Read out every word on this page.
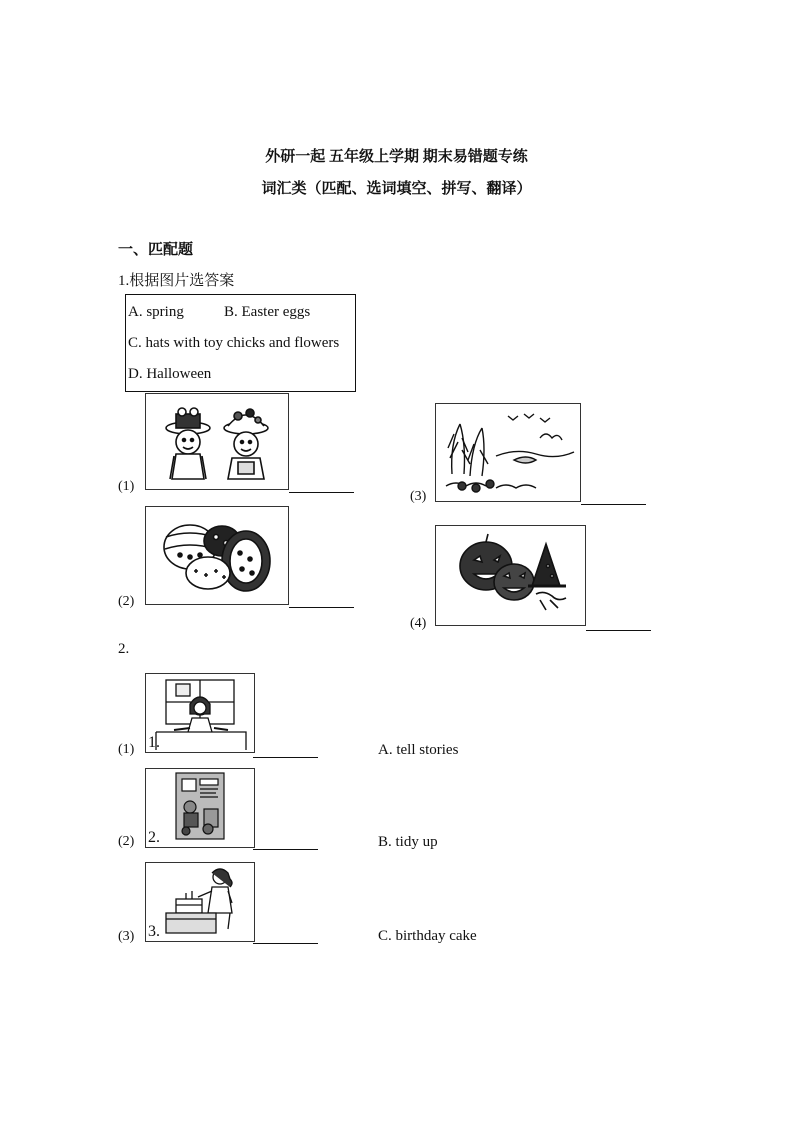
外研一起 五年级上学期 期末易错题专练
词汇类（匹配、选词填空、拼写、翻译）
一、匹配题
1.根据图片选答案
A. spring	B. Easter eggs
C. hats with toy chicks and flowers
D. Halloween
(1)
(2)
(3)
(4)
2.
1.
(1)	A. tell stories
2.
(2)	B. tidy up
3.
(3)	C. birthday cake
